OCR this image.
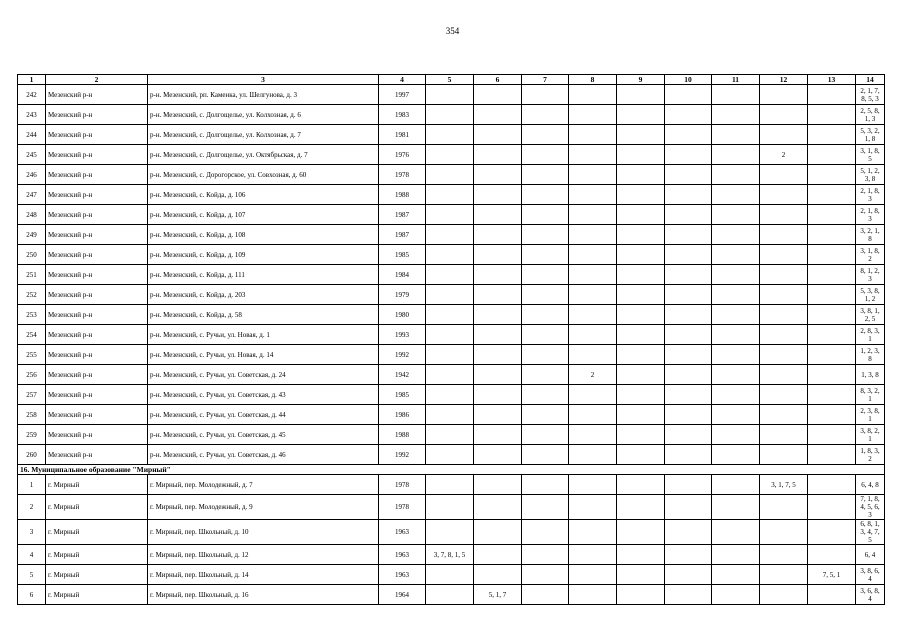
354
1	2	3	4	5	6	7	8	9	10	11	12	13	14
242	Мезенский р-н	р-н. Мезенский, рп. Каменка, ул. Шелгунова, д. 3	1997										2, 1, 7, 8, 5, 3
243	Мезенский р-н	р-н. Мезенский, с. Долгощелье, ул. Колхозная, д. 6	1983										2, 5, 8, 1, 3
244	Мезенский р-н	р-н. Мезенский, с. Долгощелье, ул. Колхозная, д. 7	1981										5, 3, 2, 1, 8
245	Мезенский р-н	р-н. Мезенский, с. Долгощелье, ул. Октябрьская, д. 7	1976								2		3, 1, 8, 5
246	Мезенский р-н	р-н. Мезенский, с. Дорогорское, ул. Совхозная, д. 60	1978										5, 1, 2, 3, 8
247	Мезенский р-н	р-н. Мезенский, с. Койда, д. 106	1988										2, 1, 8, 3
248	Мезенский р-н	р-н. Мезенский, с. Койда, д. 107	1987										2, 1, 8, 3
249	Мезенский р-н	р-н. Мезенский, с. Койда, д. 108	1987										3, 2, 1, 8
250	Мезенский р-н	р-н. Мезенский, с. Койда, д. 109	1985										3, 1, 8, 2
251	Мезенский р-н	р-н. Мезенский, с. Койда, д. 111	1984										8, 1, 2, 3
252	Мезенский р-н	р-н. Мезенский, с. Койда, д. 203	1979										5, 3, 8, 1, 2
253	Мезенский р-н	р-н. Мезенский, с. Койда, д. 58	1980										3, 8, 1, 2, 5
254	Мезенский р-н	р-н. Мезенский, с. Ручьи, ул. Новая, д. 1	1993										2, 8, 3, 1
255	Мезенский р-н	р-н. Мезенский, с. Ручьи, ул. Новая, д. 14	1992										1, 2, 3, 8
256	Мезенский р-н	р-н. Мезенский, с. Ручьи, ул. Советская, д. 24	1942				2						1, 3, 8
257	Мезенский р-н	р-н. Мезенский, с. Ручьи, ул. Советская, д. 43	1985										8, 3, 2, 1
258	Мезенский р-н	р-н. Мезенский, с. Ручьи, ул. Советская, д. 44	1986										2, 3, 8, 1
259	Мезенский р-н	р-н. Мезенский, с. Ручьи, ул. Советская, д. 45	1988										3, 8, 2, 1
260	Мезенский р-н	р-н. Мезенский, с. Ручьи, ул. Советская, д. 46	1992										1, 8, 3, 2
16. Муниципальное образование "Мирный"													
1	г. Мирный	г. Мирный, пер. Молодежный, д. 7	1978								3, 1, 7, 5		6, 4, 8
2	г. Мирный	г. Мирный, пер. Молодежный, д. 9	1978										7, 1, 8, 4, 5, 6, 3
3	г. Мирный	г. Мирный, пер. Школьный, д. 10	1963										6, 8, 1, 3, 4, 7, 5
4	г. Мирный	г. Мирный, пер. Школьный, д. 12	1963	3, 7, 8, 1, 5									6, 4
5	г. Мирный	г. Мирный, пер. Школьный, д. 14	1963									7, 5, 1	3, 8, 6, 4
6	г. Мирный	г. Мирный, пер. Школьный, д. 16	1964		5, 1, 7								3, 6, 8, 4
